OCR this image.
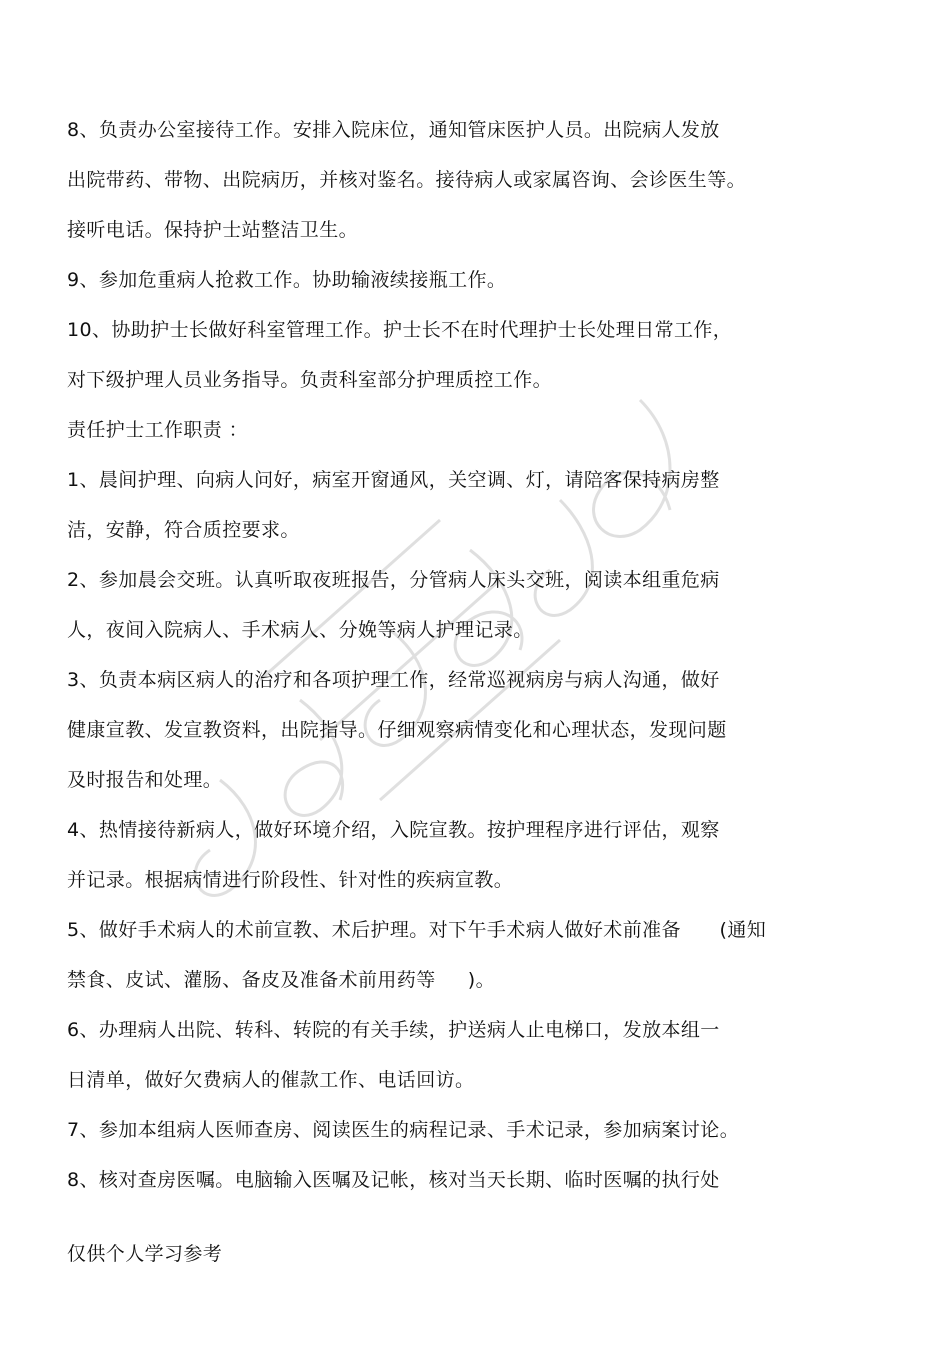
8、负责办公室接待工作。安排入院床位，通知管床医护人员。出院病人发放
出院带药、带物、出院病历，并核对鉴名。接待病人或家属咨询、会诊医生等。
接听电话。保持护士站整洁卫生。
9、参加危重病人抢救工作。协助输液续接瓶工作。
10、协助护士长做好科室管理工作。护士长不在时代理护士长处理日常工作，
对下级护理人员业务指导。负责科室部分护理质控工作。
责任护士工作职责 ：
1、晨间护理、向病人问好，病室开窗通风，关空调、灯，请陪客保持病房整
洁，安静，符合质控要求。
2、参加晨会交班。认真听取夜班报告，分管病人床头交班，阅读本组重危病
人，夜间入院病人、手术病人、分娩等病人护理记录。
3、负责本病区病人的治疗和各项护理工作，经常巡视病房与病人沟通，做好
健康宣教、发宣教资料，出院指导。仔细观察病情变化和心理状态，发现问题
及时报告和处理。
4、热情接待新病人，做好环境介绍，入院宣教。按护理程序进行评估，观察
并记录。根据病情进行阶段性、针对性的疾病宣教。
5、做好手术病人的术前宣教、术后护理。对下午手术病人做好术前准备      (通知
禁食、皮试、灌肠、备皮及准备术前用药等     )。
6、办理病人出院、转科、转院的有关手续，护送病人止电梯口，发放本组一
日清单，做好欠费病人的催款工作、电话回访。
7、参加本组病人医师查房、阅读医生的病程记录、手术记录，参加病案讨论。
8、核对查房医嘱。电脑输入医嘱及记帐，核对当天长期、临时医嘱的执行处
仅供个人学习参考
